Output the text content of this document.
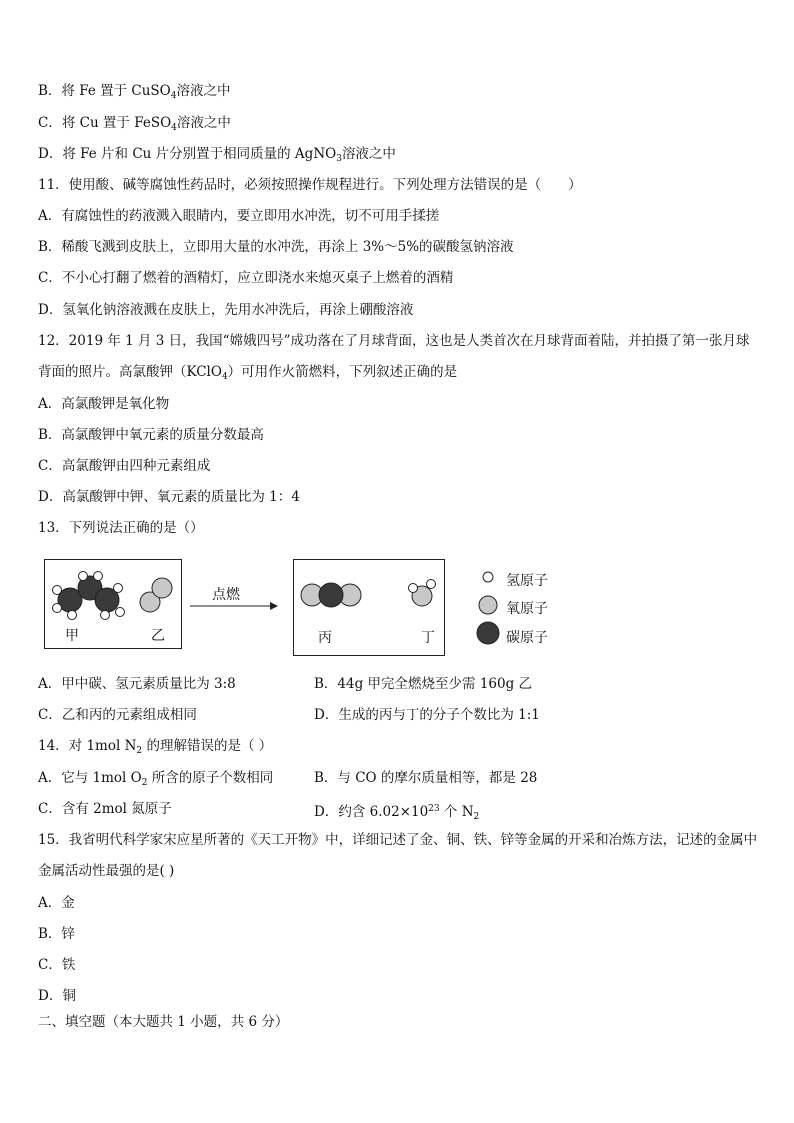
B．将 Fe 置于 CuSO$_4$溶液之中
C．将 Cu 置于 FeSO$_4$溶液之中
D．将 Fe 片和 Cu 片分别置于相同质量的 AgNO$_3$溶液之中
11．使用酸、碱等腐蚀性药品时，必须按照操作规程进行。下列处理方法错误的是（　　）
A．有腐蚀性的药液溅入眼睛内，要立即用水冲洗，切不可用手揉搓
B．稀酸飞溅到皮肤上，立即用大量的水冲洗，再涂上 3%～5%的碳酸氢钠溶液
C．不小心打翻了燃着的酒精灯，应立即浇水来熄灭桌子上燃着的酒精
D．氢氧化钠溶液溅在皮肤上，先用水冲洗后，再涂上硼酸溶液
12．2019 年 1 月 3 日，我国“嫦娥四号”成功落在了月球背面，这也是人类首次在月球背面着陆，并拍摄了第一张月球
背面的照片。高氯酸钾（KClO$_4$）可用作火箭燃料，下列叙述正确的是
A．高氯酸钾是氧化物
B．高氯酸钾中氧元素的质量分数最高
C．高氯酸钾由四种元素组成
D．高氯酸钾中钾、氧元素的质量比为 1：4
13．下列说法正确的是（）
甲	乙
点燃
丙	丁
氢原子
氧原子
碳原子
A．甲中碳、氢元素质量比为 3:8	B．44g 甲完全燃烧至少需 160g 乙
C．乙和丙的元素组成相同	D．生成的丙与丁的分子个数比为 1:1
14．对 1mol $N_2$ 的理解错误的是（ ）
A．它与 1mol $O_2$ 所含的原子个数相同	B．与 CO 的摩尔质量相等，都是 28
C．含有 2mol 氮原子	D．约含 $6.02\times 10^{23}$ 个 $N_2$
15．我省明代科学家宋应星所著的《天工开物》中，详细记述了金、铜、铁、锌等金属的开采和冶炼方法，记述的金属中金属活动性最强的是( )
A．金
B．锌
C．铁
D．铜
二、填空题（本大题共 1 小题，共 6 分）
